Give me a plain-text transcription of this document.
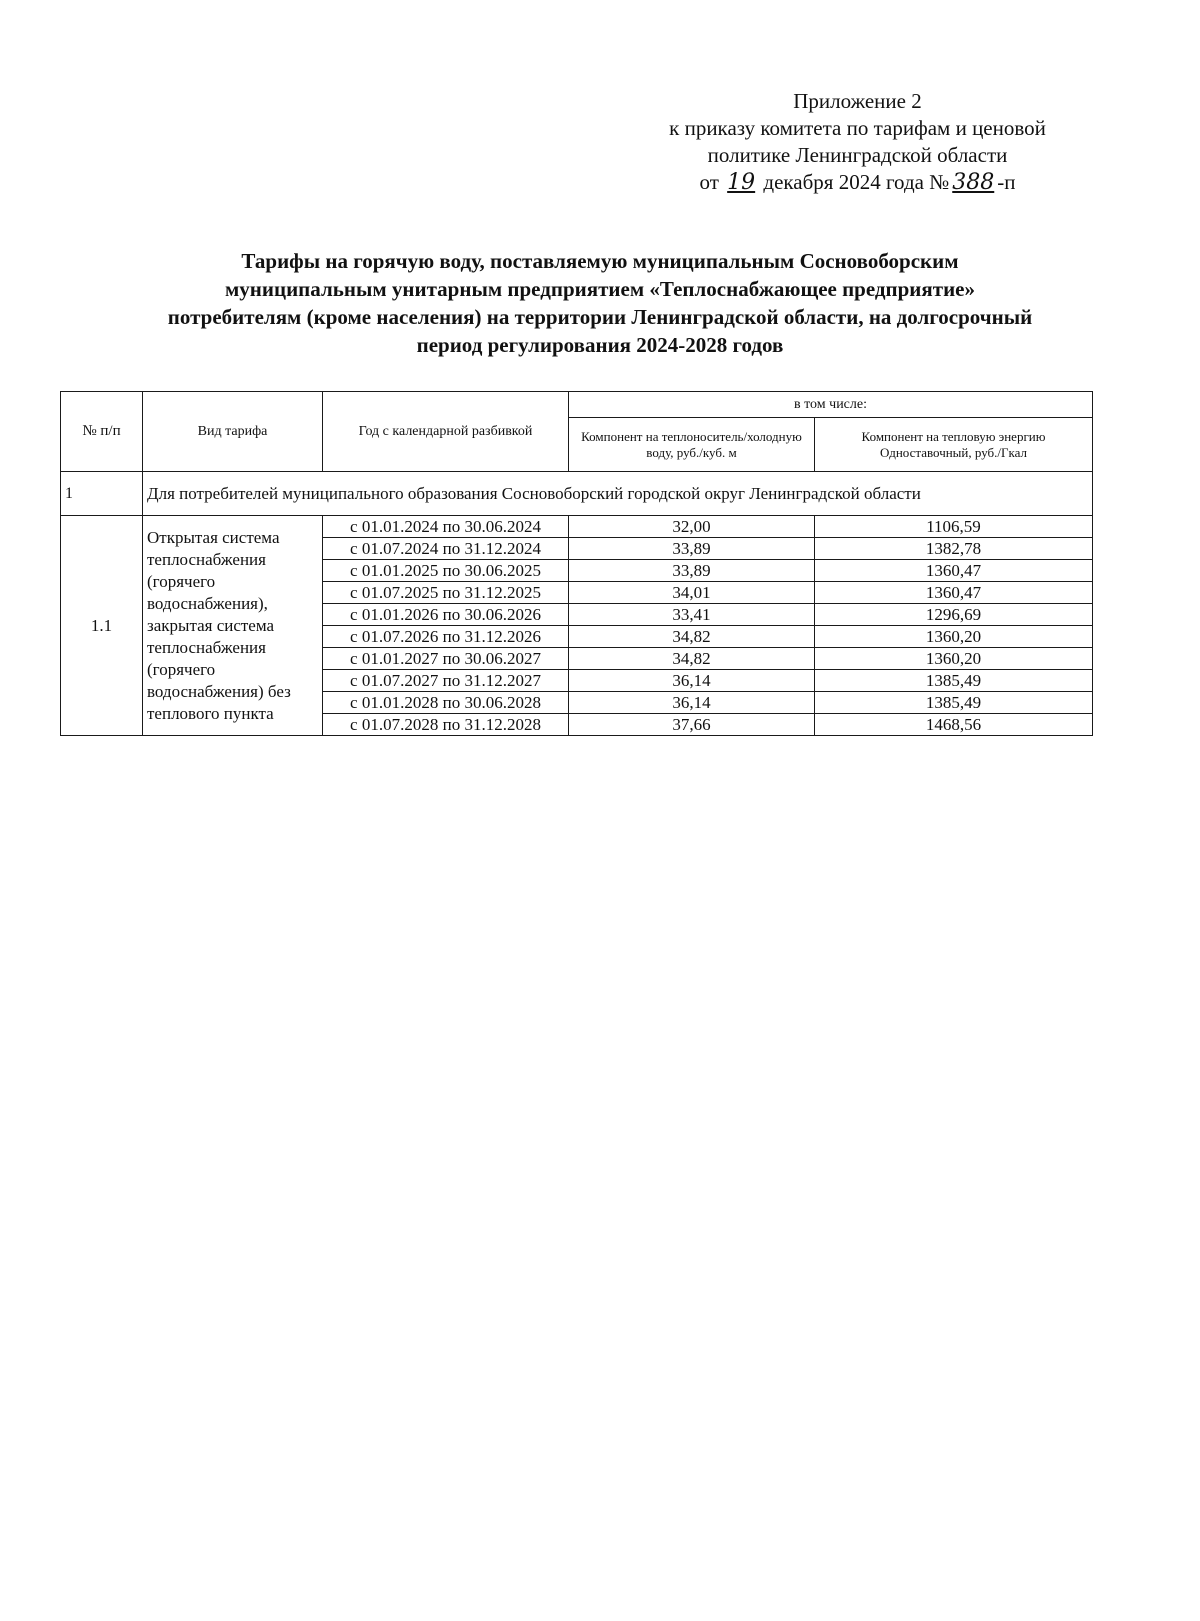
Приложение 2
к приказу комитета по тарифам и ценовой
политике Ленинградской области
от 19 декабря 2024 года № 388 -п
Тарифы на горячую воду, поставляемую муниципальным Сосновоборским
муниципальным унитарным предприятием «Теплоснабжающее предприятие»
потребителям (кроме населения) на территории Ленинградской области, на долгосрочный
период регулирования 2024-2028 годов
№ п/п	Вид тарифа	Год с календарной разбивкой	в том числе:	
			Компонент на теплоноситель/холодную воду, руб./куб. м	Компонент на тепловую энергию Одноставочный, руб./Гкал
1	Для потребителей муниципального образования Сосновоборский городской округ Ленинградской области			
1.1	Открытая система теплоснабжения (горячего водоснабжения), закрытая система теплоснабжения (горячего водоснабжения) без теплового пункта	с 01.01.2024 по 30.06.2024	32,00	1106,59
		с 01.07.2024 по 31.12.2024	33,89	1382,78
		с 01.01.2025 по 30.06.2025	33,89	1360,47
		с 01.07.2025 по 31.12.2025	34,01	1360,47
		с 01.01.2026 по 30.06.2026	33,41	1296,69
		с 01.07.2026 по 31.12.2026	34,82	1360,20
		с 01.01.2027 по 30.06.2027	34,82	1360,20
		с 01.07.2027 по 31.12.2027	36,14	1385,49
		с 01.01.2028 по 30.06.2028	36,14	1385,49
		с 01.07.2028 по 31.12.2028	37,66	1468,56
